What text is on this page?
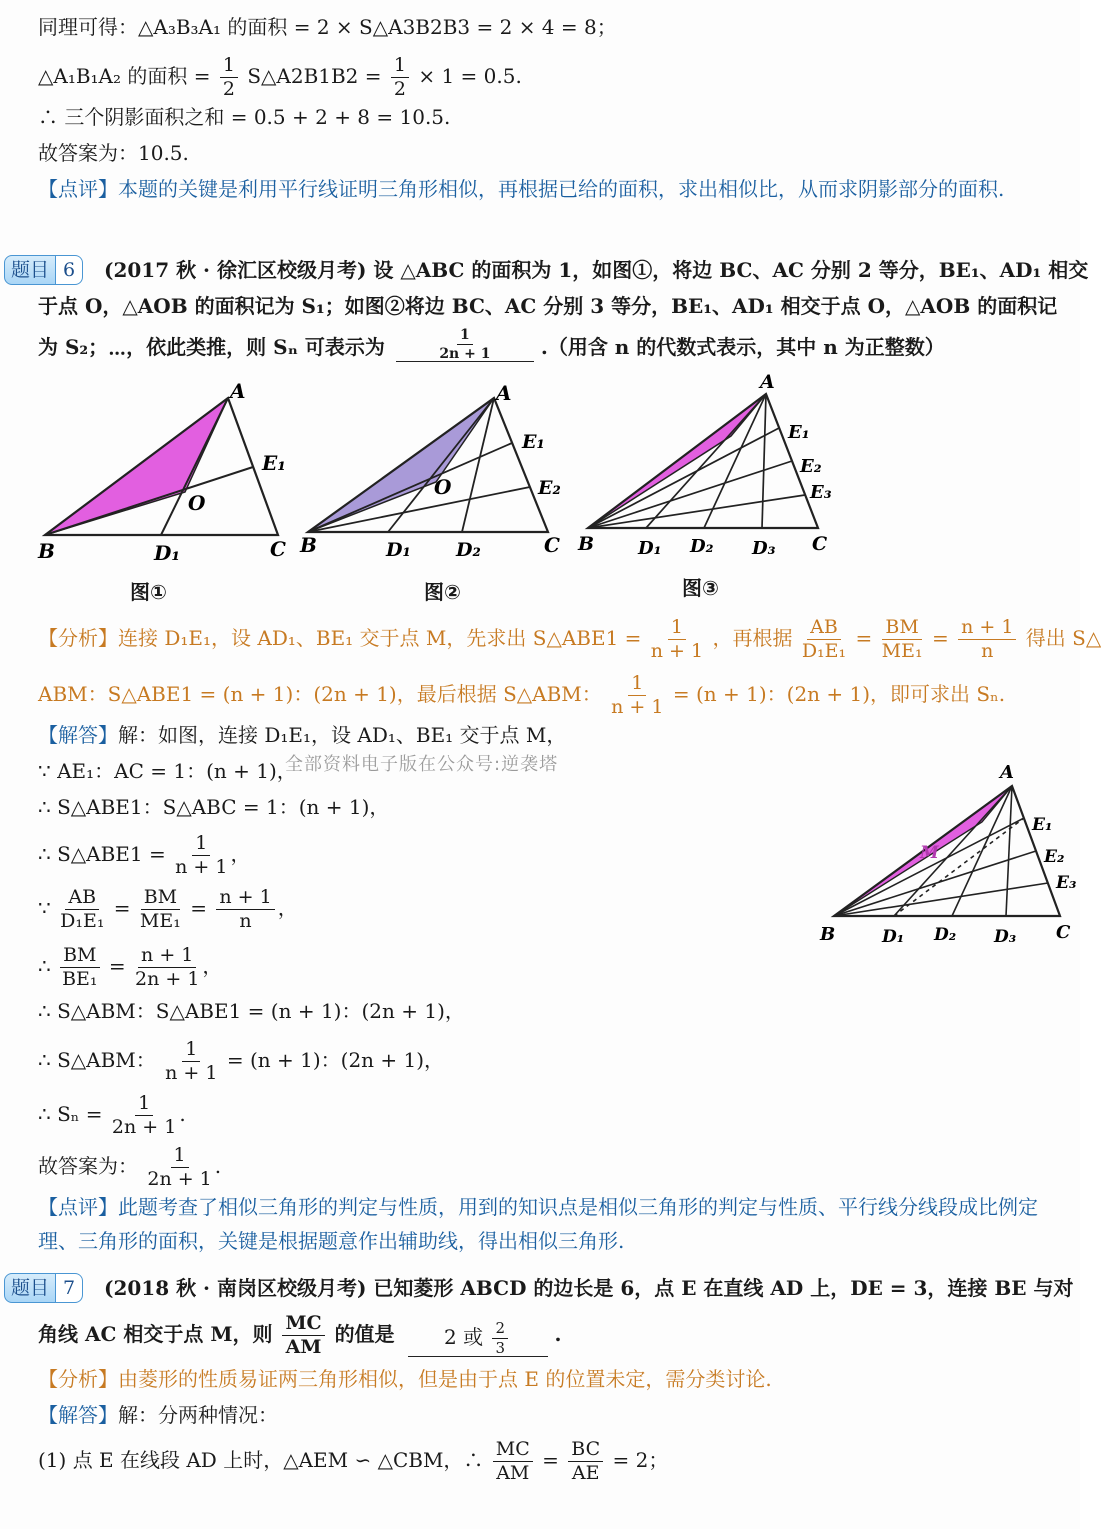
同理可得：△A₃B₃A₁ 的面积 = 2 × S△A3B2B3 = 2 × 4 = 8；
△A₁B₁A₂ 的面积 = $\frac{1}{2}$ S△A2B1B2 = $\frac{1}{2} \times 1 = 0.5$.
∴ 三个阴影面积之和 = 0.5 + 2 + 8 = 10.5.
故答案为：10.5.
【点评】本题的关键是利用平行线证明三角形相似，再根据已给的面积，求出相似比，从而求阴影部分的面积.
题目 6	(2017 秋 · 徐汇区校级月考) 设 △ABC 的面积为 1，如图①，将边 BC、AC 分别 2 等分，BE₁、AD₁ 相交
于点 O，△AOB 的面积记为 S₁；如图②将边 BC、AC 分别 3 等分，BE₁、AD₁ 相交于点 O，△AOB 的面积记
为 S₂；⋯，依此类推，则 Sₙ 可表示为	$\frac{1}{2n + 1}$	.（用含 n 的代数式表示，其中 n 为正整数）
A
B	C
O
E₁
D₁
图①
A
B	C
O
E₁
E₂
D₁ D₂
图②
A
B	C
E₁
E₂
E₃
D₁ D₂ D₃
图③
【分析】连接 D₁E₁，设 AD₁、BE₁ 交于点 M，先求出 S△ABE1 = $\frac{1}{n + 1}$ ，再根据 $\frac{AB}{\text{D₁E₁}} = \frac{BM}{\text{ME₁}} = \frac{n + 1}{n}$ 得出 S△
ABM：S△ABE1 = (n + 1)：(2n + 1)，最后根据 S△ABM： $\frac{1}{n + 1} = (n + 1)$：(2n + 1)，即可求出 Sₙ.
【解答】解：如图，连接 D₁E₁，设 AD₁、BE₁ 交于点 M，
∵ AE₁：AC = 1：(n + 1)，
全部资料电子版在公众号:逆袭塔
∴ S△ABE1：S△ABC = 1：(n + 1)，
∴ S△ABE1 = $\frac{1}{n + 1}$ ，
∵ $\frac{AB}{\text{D₁E₁}} = \frac{BM}{\text{ME₁}} = \frac{n + 1}{n}$ ，
∴ $\frac{BM}{\text{BE₁}} = \frac{n + 1}{2n + 1}$ ，
∴ S△ABM：S△ABE1 = (n + 1)：(2n + 1)，
∴ S△ABM： $\frac{1}{n + 1} = (n + 1)$：(2n + 1)，
∴ $S_n = \frac{1}{2n + 1}$ .
故答案为： $\frac{1}{2n + 1}$ .
A
B	C
M
E₁
E₂
E₃
D₁ D₂ D₃
【点评】此题考查了相似三角形的判定与性质，用到的知识点是相似三角形的判定与性质、平行线分线段成比例定理、三角形的面积，关键是根据题意作出辅助线，得出相似三角形.
题目 7	(2018 秋 · 南岗区校级月考) 已知菱形 ABCD 的边长是 6，点 E 在直线 AD 上，DE = 3，连接 BE 与对
角线 AC 相交于点 M，则 $\frac{MC}{AM}$ 的值是 2 或 $\frac{2}{3}$ .
【分析】由菱形的性质易证两三角形相似，但是由于点 E 的位置未定，需分类讨论.
【解答】解：分两种情况：
(1) 点 E 在线段 AD 上时，△AEM ∽ △CBM，∴ $\frac{MC}{AM} = \frac{BC}{AE} = 2$；
